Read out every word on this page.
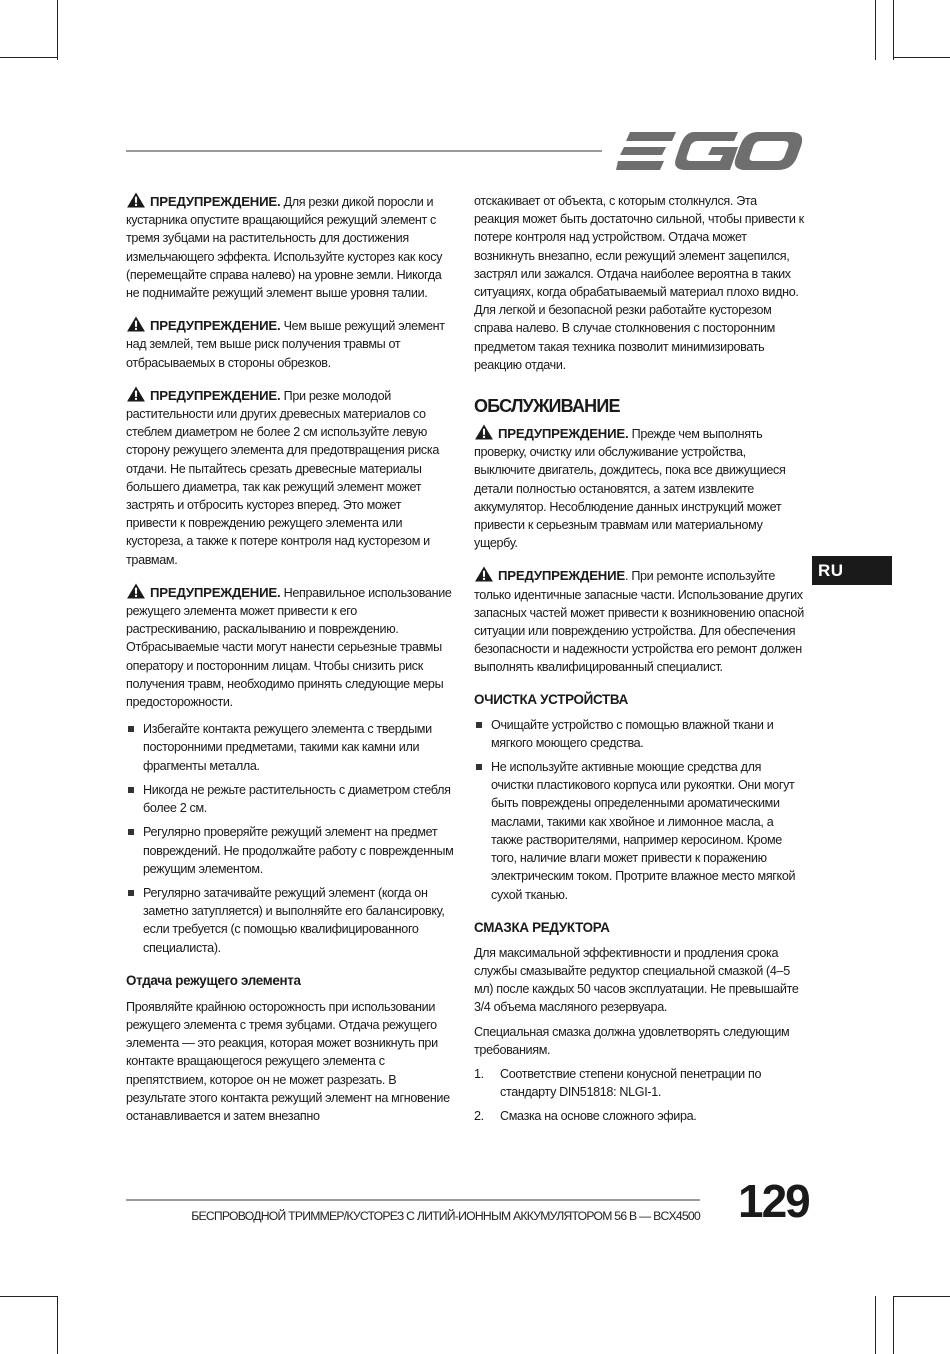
RU

ПРЕДУПРЕЖДЕНИЕ. Для резки дикой поросли и кустарника опустите вращающийся режущий элемент с тремя зубцами на растительность для достижения измельчающего эффекта. Используйте кусторез как косу (перемещайте справа налево) на уровне земли. Никогда не поднимайте режущий элемент выше уровня талии.

ПРЕДУПРЕЖДЕНИЕ. Чем выше режущий элемент над землей, тем выше риск получения травмы от отбрасываемых в стороны обрезков.

ПРЕДУПРЕЖДЕНИЕ. При резке молодой растительности или других древесных материалов со стеблем диаметром не более 2 см используйте левую сторону режущего элемента для предотвращения риска отдачи. Не пытайтесь срезать древесные материалы большего диаметра, так как режущий элемент может застрять и отбросить кусторез вперед. Это может привести к повреждению режущего элемента или кустореза, а также к потере контроля над кусторезом и травмам.

ПРЕДУПРЕЖДЕНИЕ. Неправильное использование режущего элемента может привести к его растрескиванию, раскалыванию и повреждению. Отбрасываемые части могут нанести серьезные травмы оператору и посторонним лицам. Чтобы снизить риск получения травм, необходимо принять следующие меры предосторожности.

Избегайте контакта режущего элемента с твердыми посторонними предметами, такими как камни или фрагменты металла.
Никогда не режьте растительность с диаметром стебля более 2 см.
Регулярно проверяйте режущий элемент на предмет повреждений. Не продолжайте работу с поврежденным режущим элементом.
Регулярно затачивайте режущий элемент (когда он заметно затупляется) и выполняйте его балансировку, если требуется (с помощью квалифицированного специалиста).
Отдача режущего элемента

Проявляйте крайнюю осторожность при использовании режущего элемента с тремя зубцами. Отдача режущего элемента — это реакция, которая может возникнуть при контакте вращающегося режущего элемента с препятствием, которое он не может разрезать. В результате этого контакта режущий элемент на мгновение останавливается и затем внезапно

отскакивает от объекта, с которым столкнулся. Эта реакция может быть достаточно сильной, чтобы привести к потере контроля над устройством. Отдача может возникнуть внезапно, если режущий элемент зацепился, застрял или зажался. Отдача наиболее вероятна в таких ситуациях, когда обрабатываемый материал плохо видно. Для легкой и безопасной резки работайте кусторезом справа налево. В случае столкновения с посторонним предметом такая техника позволит минимизировать реакцию отдачи.

ОБСЛУЖИВАНИЕ

ПРЕДУПРЕЖДЕНИЕ. Прежде чем выполнять проверку, очистку или обслуживание устройства, выключите двигатель, дождитесь, пока все движущиеся детали полностью остановятся, а затем извлеките аккумулятор. Несоблюдение данных инструкций может привести к серьезным травмам или материальному ущербу.

ПРЕДУПРЕЖДЕНИЕ. При ремонте используйте только идентичные запасные части. Использование других запасных частей может привести к возникновению опасной ситуации или повреждению устройства. Для обеспечения безопасности и надежности устройства его ремонт должен выполнять квалифицированный специалист.

ОЧИСТКА УСТРОЙСТВА
Очищайте устройство с помощью влажной ткани и мягкого моющего средства.
Не используйте активные моющие средства для очистки пластикового корпуса или рукоятки. Они могут быть повреждены определенными ароматическими маслами, такими как хвойное и лимонное масла, а также растворителями, например керосином. Кроме того, наличие влаги может привести к поражению электрическим током. Протрите влажное место мягкой сухой тканью.
СМАЗКА РЕДУКТОРА

Для максимальной эффективности и продления срока службы смазывайте редуктор специальной смазкой (4–5 мл) после каждых 50 часов эксплуатации. Не превышайте 3/4 объема масляного резервуара.

Специальная смазка должна удовлетворять следующим требованиям.

1. Соответствие степени конусной пенетрации по стандарту DIN51818: NLGI-1.
2. Смазка на основе сложного эфира.
БЕСПРОВОДНОЙ ТРИММЕР/КУСТОРЕЗ С ЛИТИЙ-ИОННЫМ АККУМУЛЯТОРОМ 56 В — BCX4500 129
